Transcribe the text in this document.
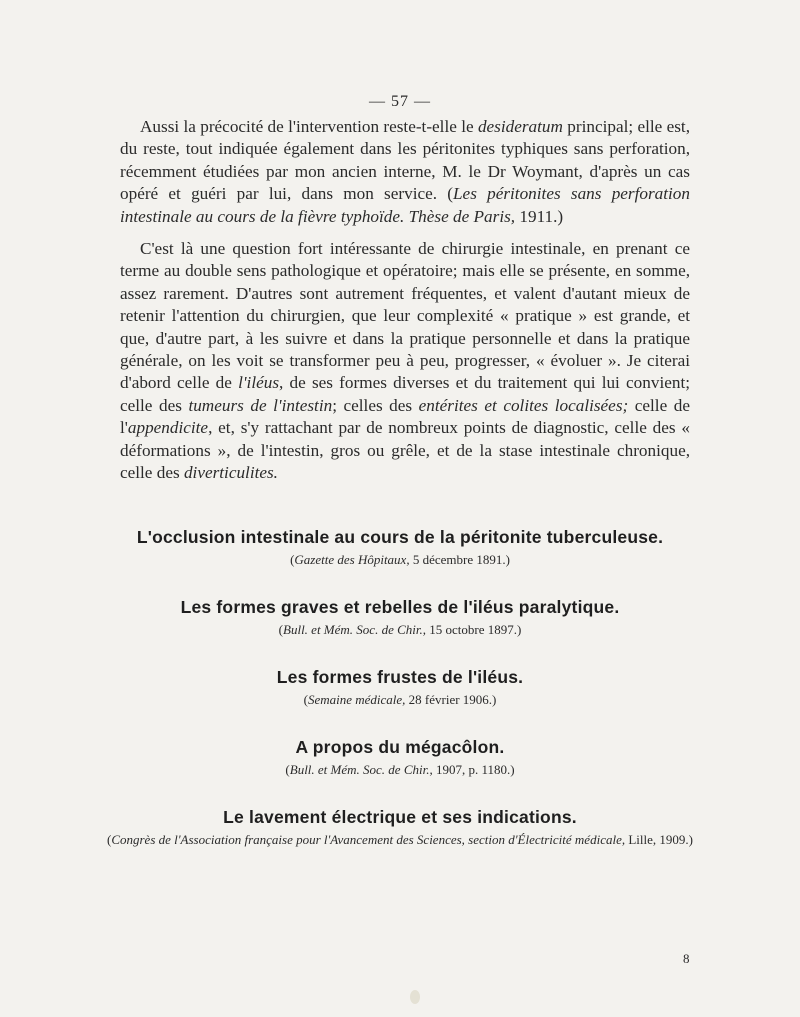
— 57 —

Aussi la précocité de l'intervention reste-t-elle le desideratum principal; elle est, du reste, tout indiquée également dans les péritonites typhiques sans perforation, récemment étudiées par mon ancien interne, M. le Dr Woymant, d'après un cas opéré et guéri par lui, dans mon service. (Les péritonites sans perforation intestinale au cours de la fièvre typhoïde. Thèse de Paris, 1911.)

C'est là une question fort intéressante de chirurgie intestinale, en prenant ce terme au double sens pathologique et opératoire; mais elle se présente, en somme, assez rarement. D'autres sont autrement fréquentes, et valent d'autant mieux de retenir l'attention du chirurgien, que leur complexité « pratique » est grande, et que, d'autre part, à les suivre et dans la pratique personnelle et dans la pratique générale, on les voit se transformer peu à peu, progresser, « évoluer ». Je citerai d'abord celle de l'iléus, de ses formes diverses et du traitement qui lui convient; celle des tumeurs de l'intestin; celles des entérites et colites localisées; celle de l'appendicite, et, s'y rattachant par de nombreux points de diagnostic, celle des « déformations », de l'intestin, gros ou grêle, et de la stase intestinale chronique, celle des diverticulites.

L'occlusion intestinale au cours de la péritonite tuberculeuse.
(Gazette des Hôpitaux, 5 décembre 1891.)
Les formes graves et rebelles de l'iléus paralytique.
(Bull. et Mém. Soc. de Chir., 15 octobre 1897.)
Les formes frustes de l'iléus.
(Semaine médicale, 28 février 1906.)
A propos du mégacôlon.
(Bull. et Mém. Soc. de Chir., 1907, p. 1180.)
Le lavement électrique et ses indications.
(Congrès de l'Association française pour l'Avancement des Sciences, section d'Électricité médicale, Lille, 1909.)
8
